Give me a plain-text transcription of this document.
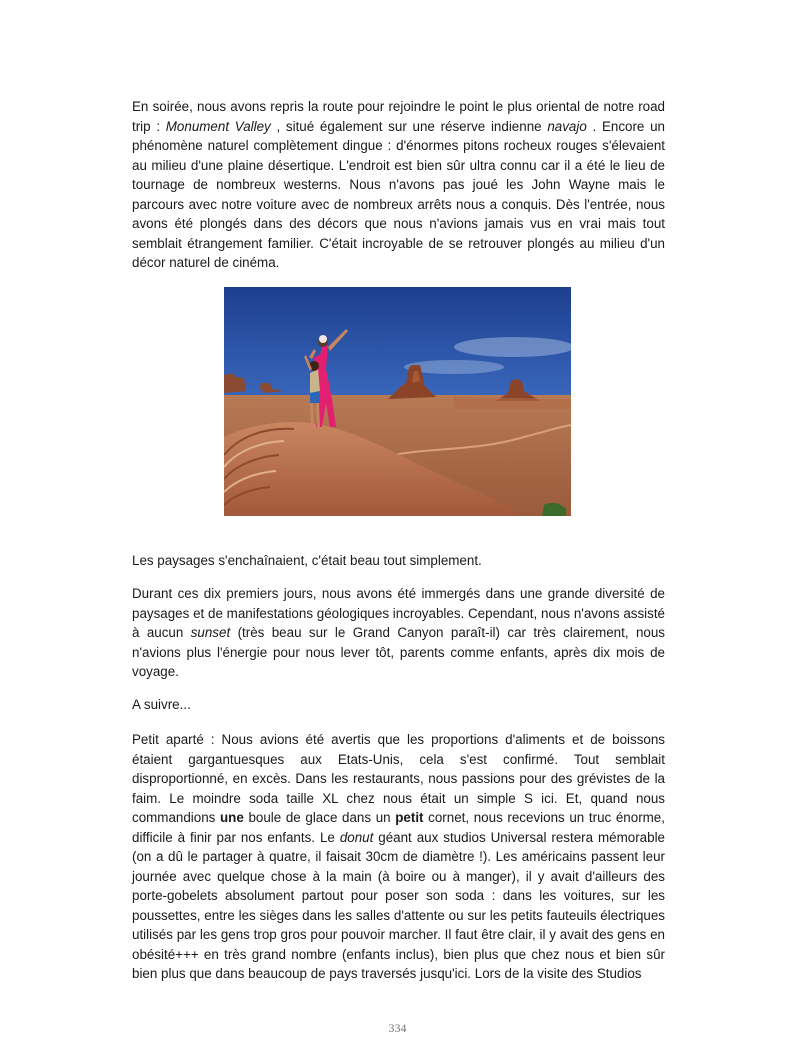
En soirée, nous avons repris la route pour rejoindre le point le plus oriental de notre road trip : Monument Valley , situé également sur une réserve indienne navajo . Encore un phénomène naturel complètement dingue : d'énormes pitons rocheux rouges s'élevaient au milieu d'une plaine désertique. L'endroit est bien sûr ultra connu car il a été le lieu de tournage de nombreux westerns. Nous n'avons pas joué les John Wayne mais le parcours avec notre voiture avec de nombreux arrêts nous a conquis. Dès l'entrée, nous avons été plongés dans des décors que nous n'avions jamais vus en vrai mais tout semblait étrangement familier. C'était incroyable de se retrouver plongés au milieu d'un décor naturel de cinéma.

Les paysages s'enchaînaient, c'était beau tout simplement.

Durant ces dix premiers jours, nous avons été immergés dans une grande diversité de paysages et de manifestations géologiques incroyables. Cependant, nous n'avons assisté à aucun sunset (très beau sur le Grand Canyon paraît-il) car très clairement, nous n'avions plus l'énergie pour nous lever tôt, parents comme enfants, après dix mois de voyage.

A suivre...

Petit aparté : Nous avions été avertis que les proportions d'aliments et de boissons étaient gargantuesques aux Etats-Unis, cela s'est confirmé. Tout semblait disproportionné, en excès. Dans les restaurants, nous passions pour des grévistes de la faim. Le moindre soda taille XL chez nous était un simple S ici. Et, quand nous commandions une boule de glace dans un petit cornet, nous recevions un truc énorme, difficile à finir par nos enfants. Le donut géant aux studios Universal restera mémorable (on a dû le partager à quatre, il faisait 30cm de diamètre !). Les américains passent leur journée avec quelque chose à la main (à boire ou à manger), il y avait d'ailleurs des porte-gobelets absolument partout pour poser son soda : dans les voitures, sur les poussettes, entre les sièges dans les salles d'attente ou sur les petits fauteuils électriques utilisés par les gens trop gros pour pouvoir marcher. Il faut être clair, il y avait des gens en obésité+++ en très grand nombre (enfants inclus), bien plus que chez nous et bien sûr bien plus que dans beaucoup de pays traversés jusqu'ici. Lors de la visite des Studios

334
